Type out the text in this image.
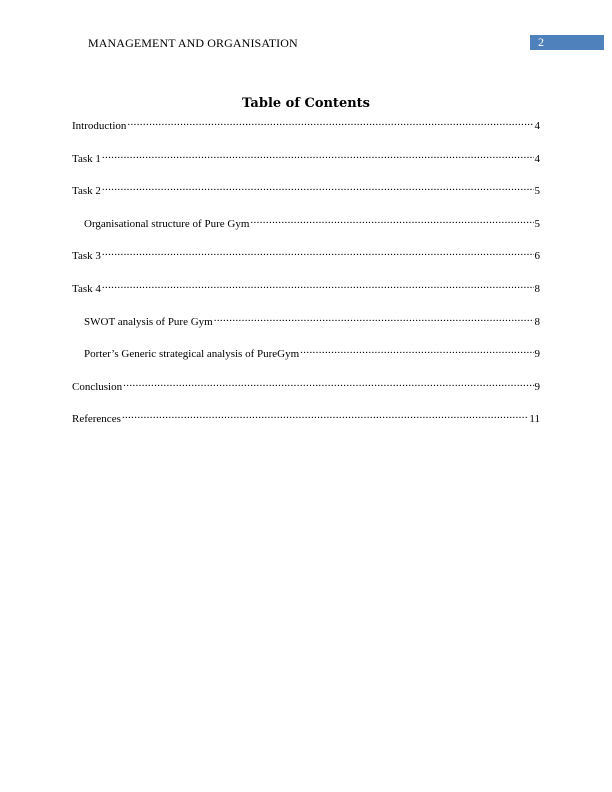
MANAGEMENT AND ORGANISATION	2
Table of Contents
Introduction .....	4
Task 1 .....	4
Task 2 .....	5
Organisational structure of Pure Gym .....	5
Task 3 .....	6
Task 4 .....	8
SWOT analysis of Pure Gym .....	8
Porter’s Generic strategical analysis of PureGym .....	9
Conclusion .....	9
References .....	11
